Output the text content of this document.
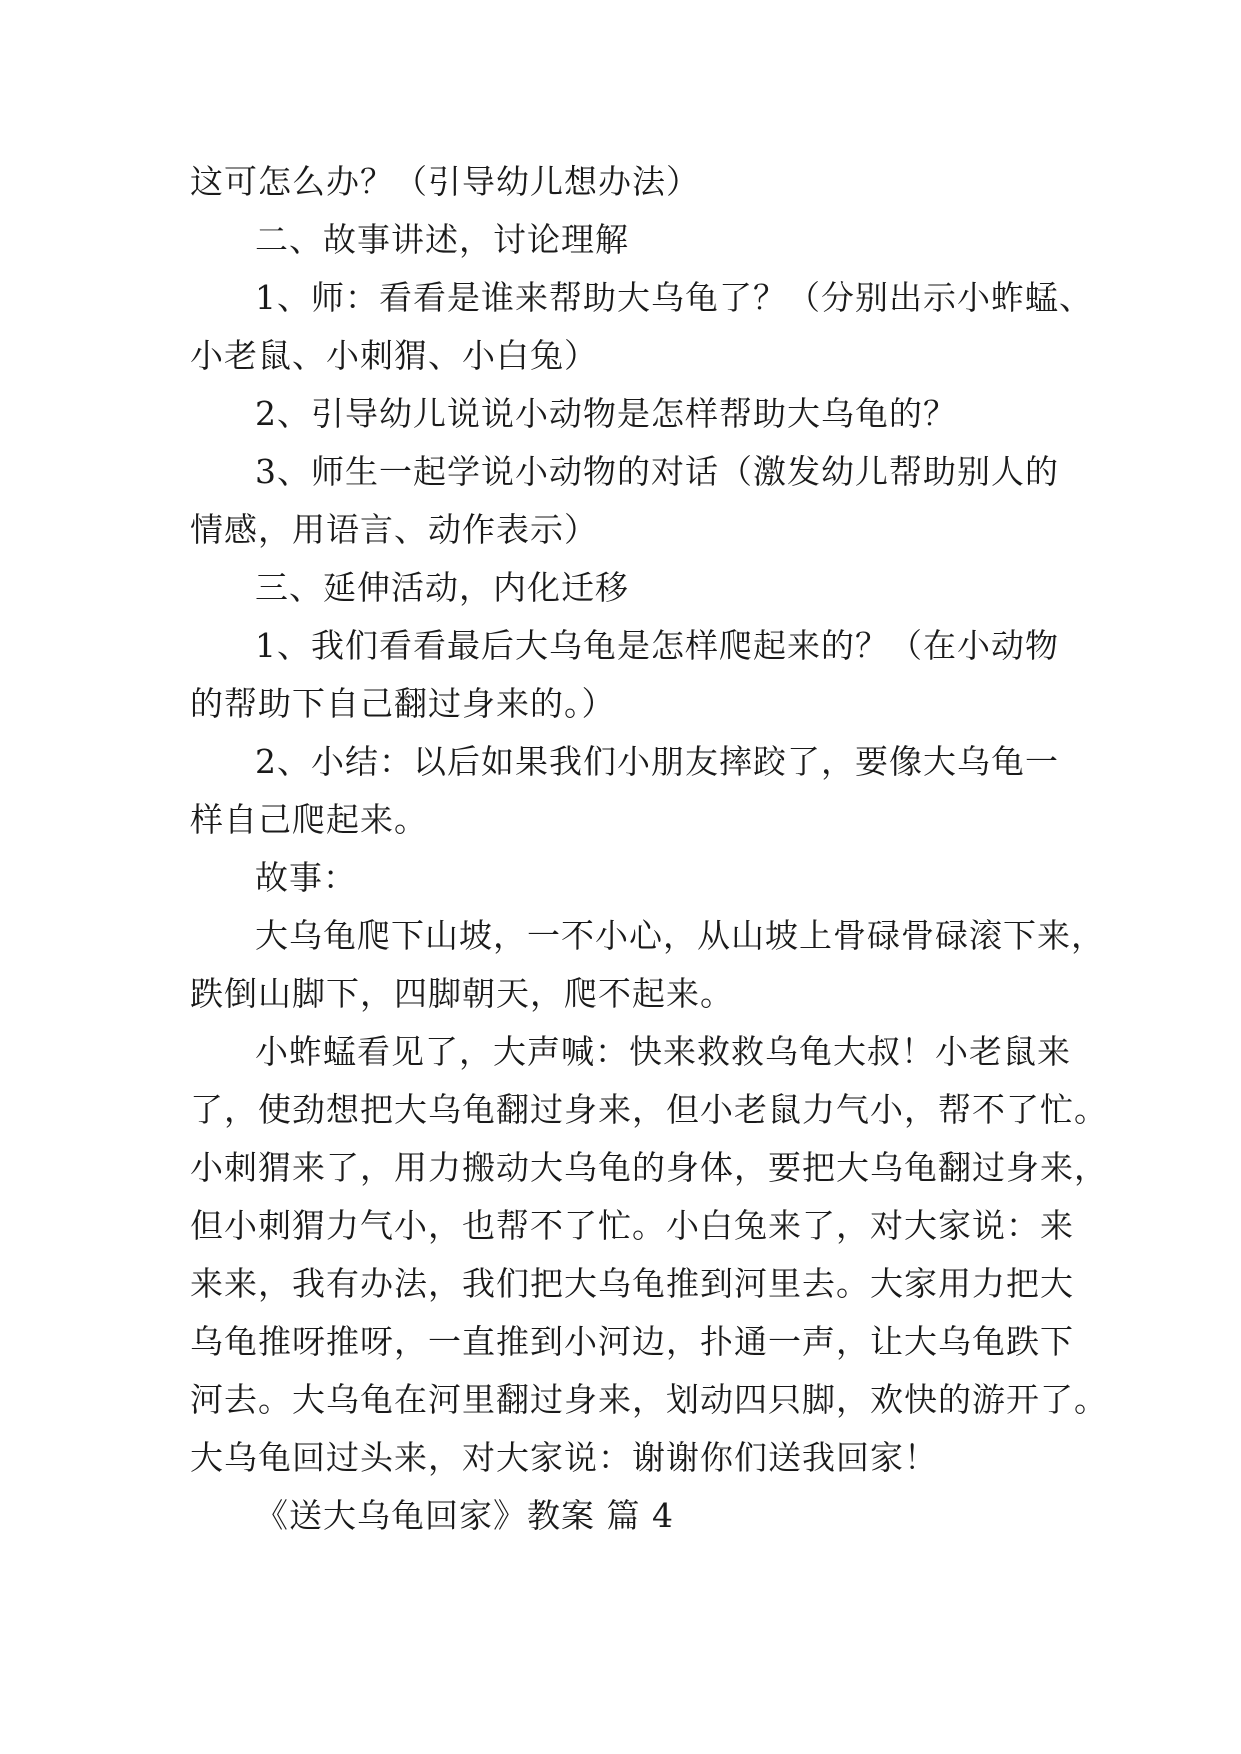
这可怎么办？（引导幼儿想办法）

二、故事讲述，讨论理解

1、师：看看是谁来帮助大乌龟了？（分别出示小蚱蜢、

小老鼠、小刺猬、小白兔）

2、引导幼儿说说小动物是怎样帮助大乌龟的？

3、师生一起学说小动物的对话（激发幼儿帮助别人的

情感，用语言、动作表示）

三、延伸活动，内化迁移

1、我们看看最后大乌龟是怎样爬起来的？（在小动物

的帮助下自己翻过身来的。）

2、小结：以后如果我们小朋友摔跤了，要像大乌龟一

样自己爬起来。

故事：

大乌龟爬下山坡，一不小心，从山坡上骨碌骨碌滚下来，

跌倒山脚下，四脚朝天，爬不起来。

小蚱蜢看见了，大声喊：快来救救乌龟大叔！小老鼠来

了，使劲想把大乌龟翻过身来，但小老鼠力气小，帮不了忙。

小刺猬来了，用力搬动大乌龟的身体，要把大乌龟翻过身来，

但小刺猬力气小，也帮不了忙。小白兔来了，对大家说：来

来来，我有办法，我们把大乌龟推到河里去。大家用力把大

乌龟推呀推呀，一直推到小河边，扑通一声，让大乌龟跌下

河去。大乌龟在河里翻过身来，划动四只脚，欢快的游开了。

大乌龟回过头来，对大家说：谢谢你们送我回家！

《送大乌龟回家》教案 篇 4
